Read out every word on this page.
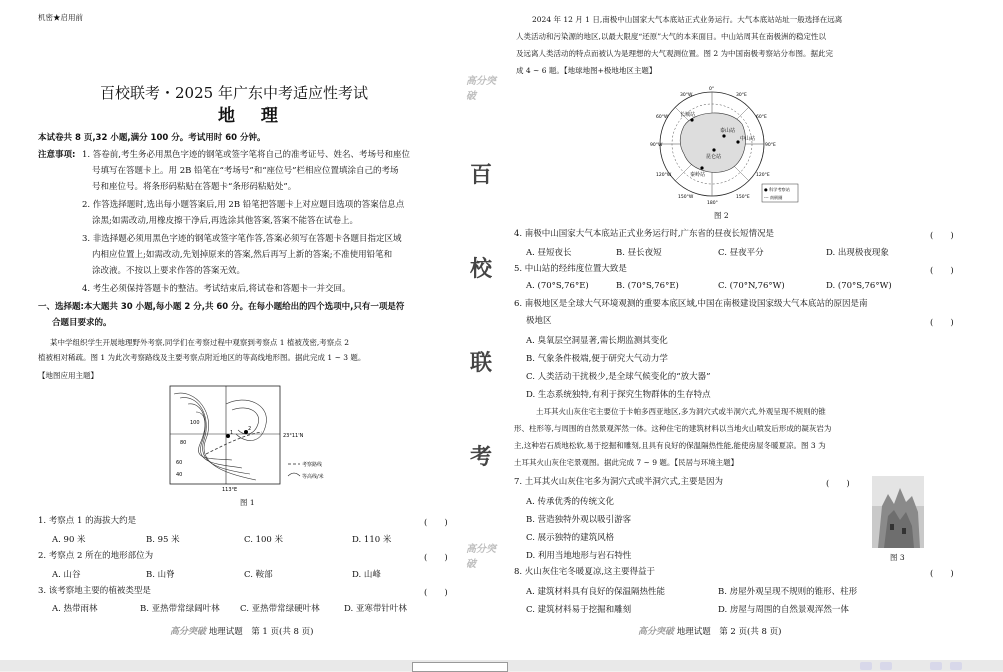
机密★启用前
百校联考・2025 年广东中考适应性考试
地 理
本试卷共 8 页,32 小题,满分 100 分。考试用时 60 分钟。
注意事项: 1. 答卷前,考生务必用黑色字迹的钢笔或签字笔将自己的准考证号、姓名、考场号和座位
号填写在答题卡上。用 2B 铅笔在“考场号”和“座位号”栏相应位置填涂自己的考场
号和座位号。将条形码粘贴在答题卡“条形码粘贴处”。
2. 作答选择题时,选出每小题答案后,用 2B 铅笔把答题卡上对应题目选项的答案信息点
涂黑;如需改动,用橡皮擦干净后,再选涂其他答案,答案不能答在试卷上。
3. 非选择题必须用黑色字迹的钢笔或签字笔作答,答案必须写在答题卡各题目指定区域
内相应位置上;如需改动,先划掉原来的答案,然后再写上新的答案;不准使用铅笔和
涂改液。不按以上要求作答的答案无效。
4. 考生必须保持答题卡的整洁。考试结束后,将试卷和答题卡一并交回。
一、选择题:本大题共 30 小题,每小题 2 分,共 60 分。在每小题给出的四个选项中,只有一项是符
合题目要求的。
某中学组织学生开展地理野外考察,同学们在考察过程中观察到考察点 1 植被茂密,考察点 2
植被相对稀疏。图 1 为此次考察路线及主要考察点附近地区的等高线地形图。据此完成 1 ~ 3 题。
【地图应用主题】
23°11'N
113°E
100
80
60
40
1
2
考察路线
等高线/米
图 1
1. 考察点 1 的海拔大约是	(　　)
A. 90 米	B. 95 米	C. 100 米	D. 110 米
2. 考察点 2 所在的地形部位为	(　　)
A. 山谷	B. 山脊	C. 鞍部	D. 山峰
3. 该考察地主要的植被类型是	(　　)
A. 热带雨林	B. 亚热带常绿阔叶林 C. 亚热带常绿硬叶林	D. 亚寒带针叶林
高分突破 地理试题　第 1 页(共 8 页)
高分突破
百
校
联
考
高分突破
2024 年 12 月 1 日,南极中山国家大气本底站正式业务运行。大气本底站站址一般选择在远离
人类活动和污染源的地区,以最大限度“还原”大气的本来面目。中山站周其在南极洲的稳定性以
及远离人类活动的特点而被认为是理想的大气观测位置。图 2 为中国南极考察站分布图。据此完
成 4 ~ 6 题。【地球地图+极地地区主题】
长城站
泰山站
中山站
昆仑站
秦岭站
0°
90°E
180°
90°W
30°E
60°E
120°E
150°E
30°W
60°W
120°W
150°W
● 科学考察站
--- 南极圈
图 2
4. 南极中山国家大气本底站正式业务运行时,广东省的昼夜长短情况是	(　　)
A. 昼短夜长	B. 昼长夜短	C. 昼夜平分	D. 出现极夜现象
5. 中山站的经纬度位置大致是	(　　)
A. (70°S,76°E)	B. (70°S,76°E)	C. (70°N,76°W)	D. (70°S,76°W)
6. 南极地区是全球大气环境观测的重要本底区域,中国在南极建设国家级大气本底站的原因是南
极地区	(　　)
A. 臭氧层空洞显著,需长期监测其变化
B. 气象条件极端,便于研究大气动力学
C. 人类活动干扰极少,是全球气候变化的“放大器”
D. 生态系统独特,有利于探究生物群体的生存特点
土耳其火山灰住宅主要位于卡帕多西亚地区,多为洞穴式或半洞穴式,外观呈现不规则的锥
形、柱形等,与周围的自然景观浑然一体。这种住宅的建筑材料以当地火山喷发后形成的凝灰岩为
主,这种岩石质地松软,易于挖掘和雕刻,且具有良好的保温隔热性能,能使房屋冬暖夏凉。图 3 为
土耳其火山灰住宅景观图。据此完成 7 ~ 9 题。【民居与环境主题】
7. 土耳其火山灰住宅多为洞穴式或半洞穴式,主要是因为	(　　)
A. 传承优秀的传统文化
B. 营造独特外观以吸引游客
C. 展示独特的建筑风格
D. 利用当地地形与岩石特性	图 3
8. 火山灰住宅冬暖夏凉,这主要得益于	(　　)
A. 建筑材料具有良好的保温隔热性能	B. 房屋外观呈现不规则的锥形、柱形
C. 建筑材料易于挖掘和雕刻	D. 房屋与周围的自然景观浑然一体
高分突破 地理试题　第 2 页(共 8 页)
